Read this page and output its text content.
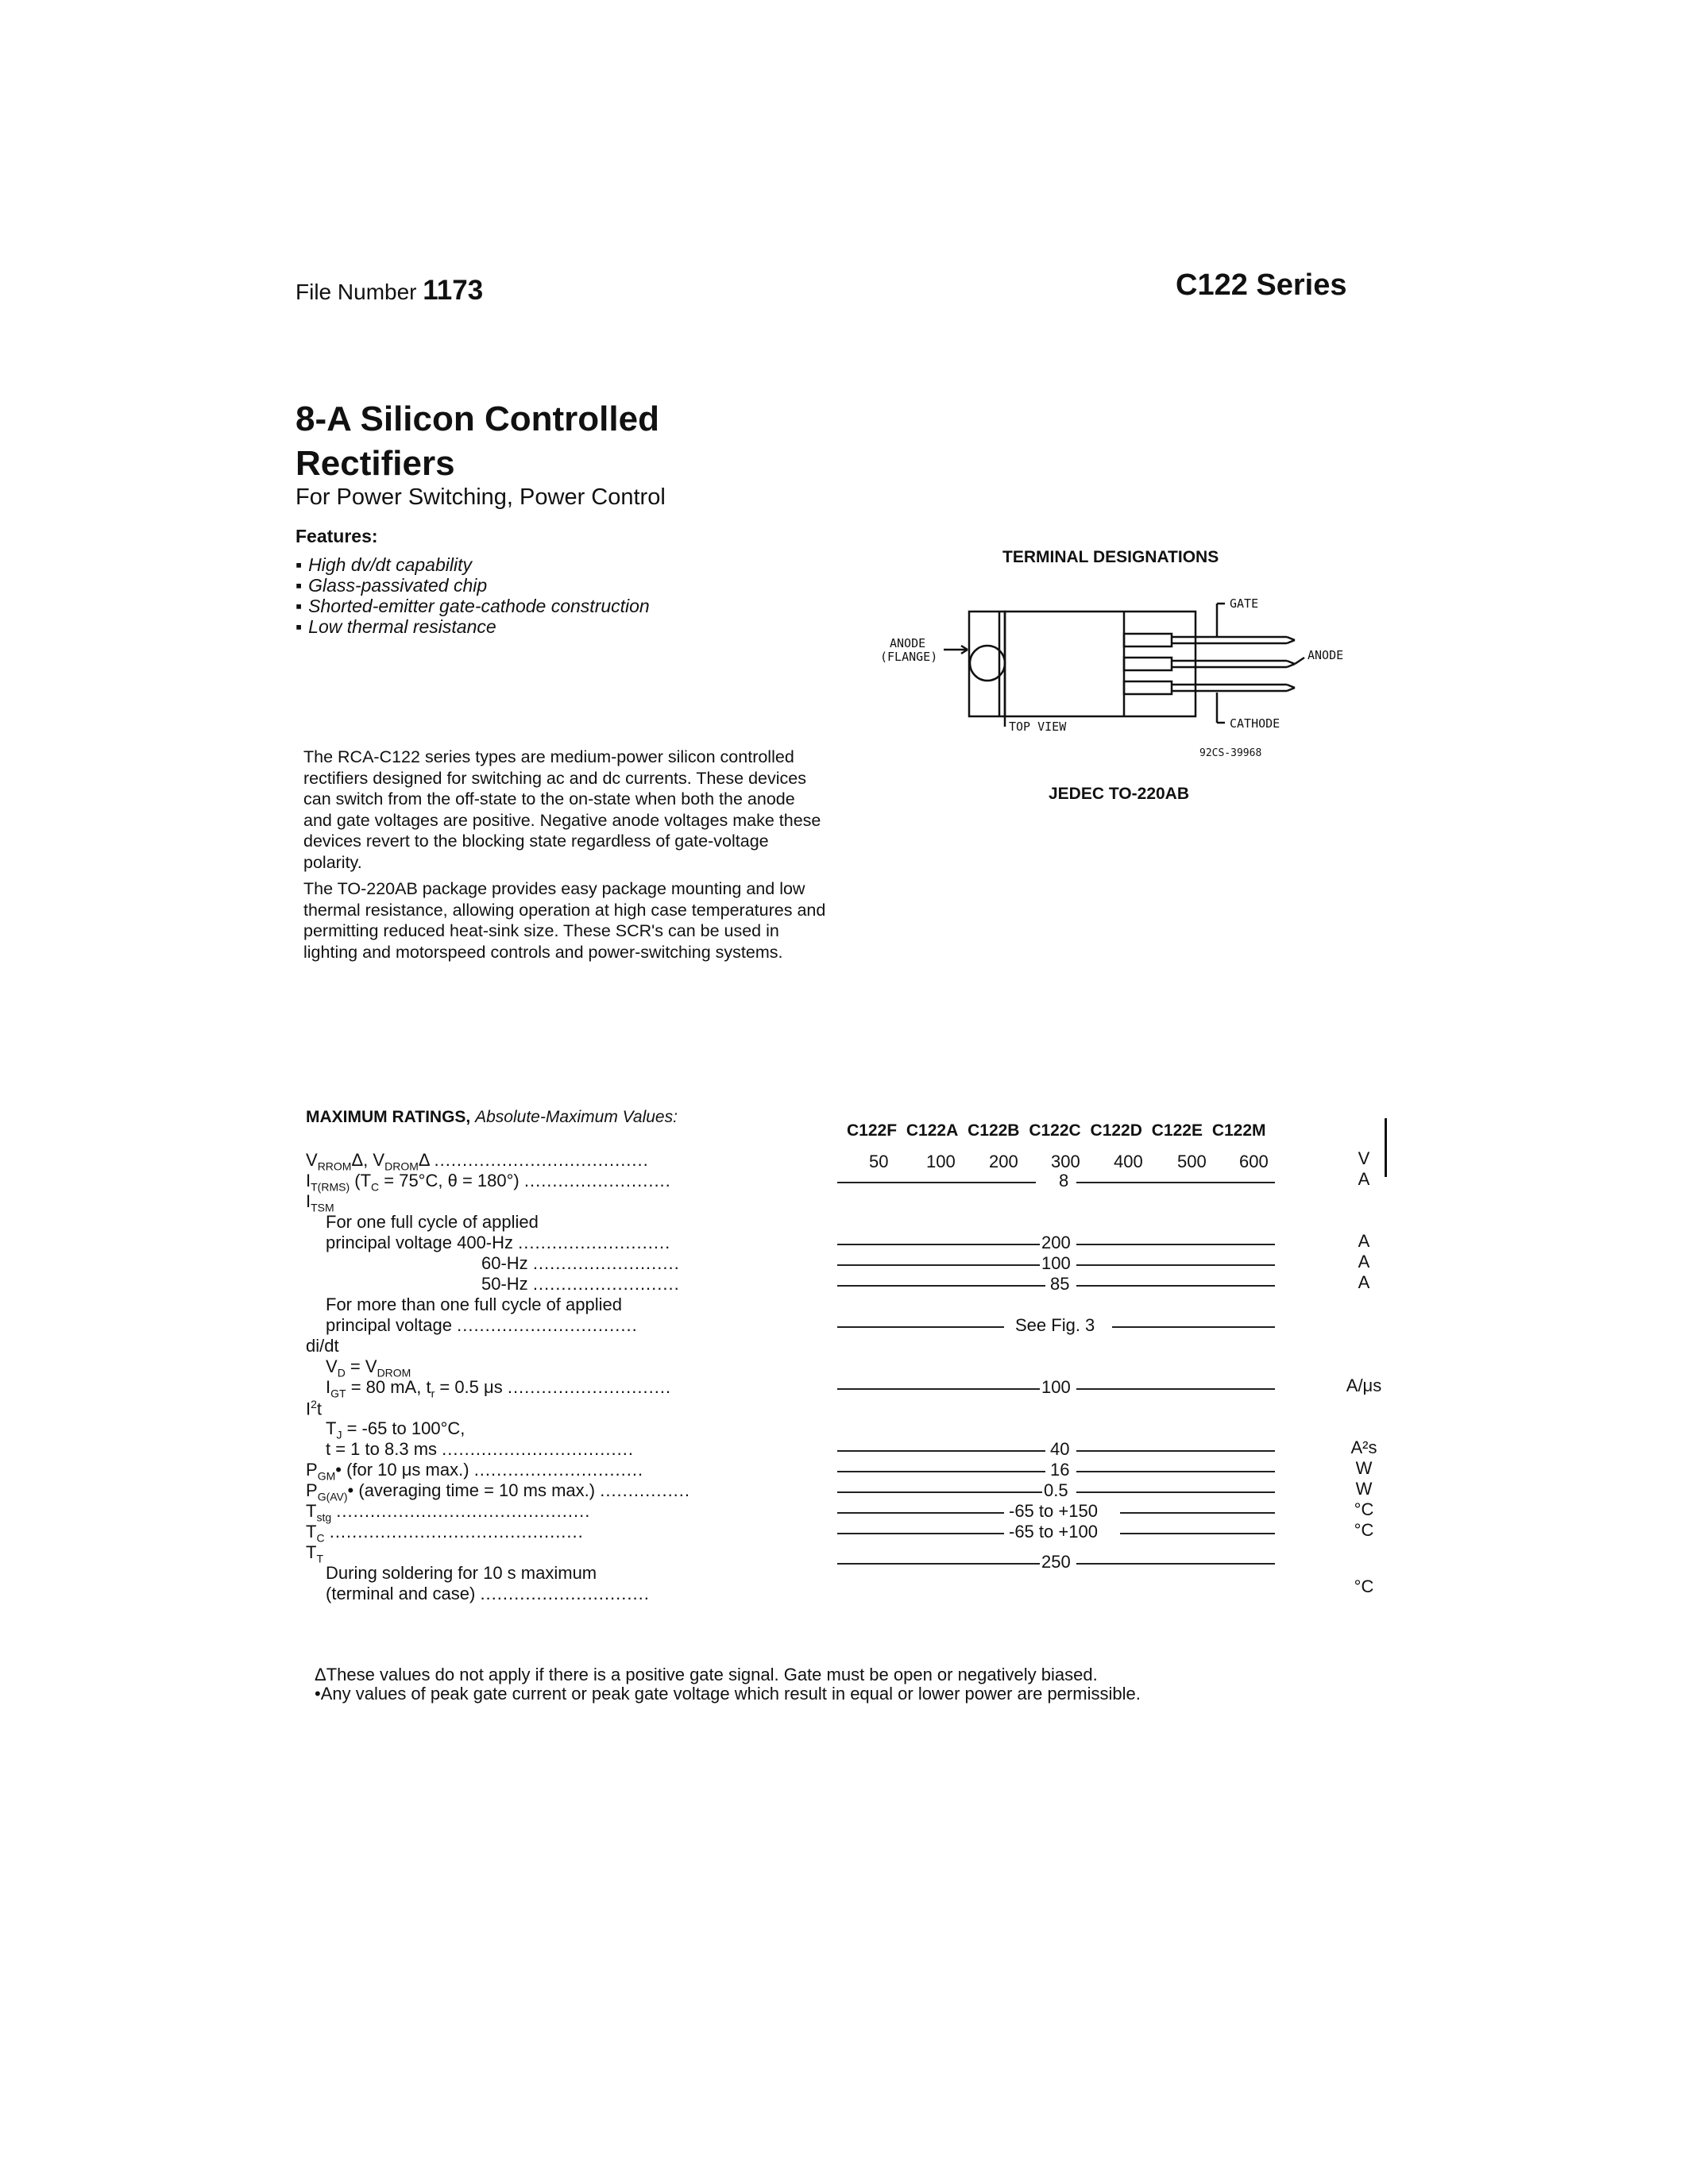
File Number 1173	C122 Series
8-A Silicon Controlled
Rectifiers
For Power Switching, Power Control
Features:
▪ High dv/dt capability
▪ Glass-passivated chip
▪ Shorted-emitter gate-cathode construction
▪ Low thermal resistance
The RCA-C122 series types are medium-power silicon controlled rectifiers designed for switching ac and dc currents. These devices can switch from the off-state to the on-state when both the anode and gate voltages are positive. Negative anode voltages make these devices revert to the blocking state regardless of gate-voltage polarity.
The TO-220AB package provides easy package mounting and low thermal resistance, allowing operation at high case temperatures and permitting reduced heat-sink size. These SCR's can be used in lighting and motorspeed controls and power-switching systems.
TERMINAL DESIGNATIONS
GATE
ANODE
CATHODE
ANODE
(FLANGE)
TOP VIEW
92CS-39968
JEDEC TO-220AB
MAXIMUM RATINGS, Absolute-Maximum Values:
C122F C122A C122B C122C C122D C122E C122M
50 100 200 300 400 500 600
$V_{RROM}\Delta$, $V_{DROM}\Delta$ ......................................
$I_{T(RMS)}$ ($T_C = 75^\circ C$, θ = 180°) ..........................
$I_{TSM}$
For one full cycle of applied
principal voltage 400-Hz ...........................
60-Hz ..........................
50-Hz ..........................
For more than one full cycle of applied
principal voltage ................................
di/dt
$V_D = V_{DROM}$
$I_{GT} = 80$ mA, $t_r = 0.5$ μs .............................
$I^2t$
$T_J = -65$ to 100°C,
t = 1 to 8.3 ms ..................................
$P_{GM}•$ (for 10 μs max.) ..............................
$P_{G(AV)}•$ (averaging time = 10 ms max.) ................
$T_{stg}$ .............................................
$T_C$ .............................................
$T_T$
During soldering for 10 s maximum
(terminal and case) ..............................
8
200
100
85
See Fig. 3
100
40
16
0.5
-65 to +150
-65 to +100
250
V
A
A
A
A
A/μs
A²s
W
W
°C
°C
°C
ΔThese values do not apply if there is a positive gate signal. Gate must be open or negatively biased.
•Any values of peak gate current or peak gate voltage which result in equal or lower power are permissible.
